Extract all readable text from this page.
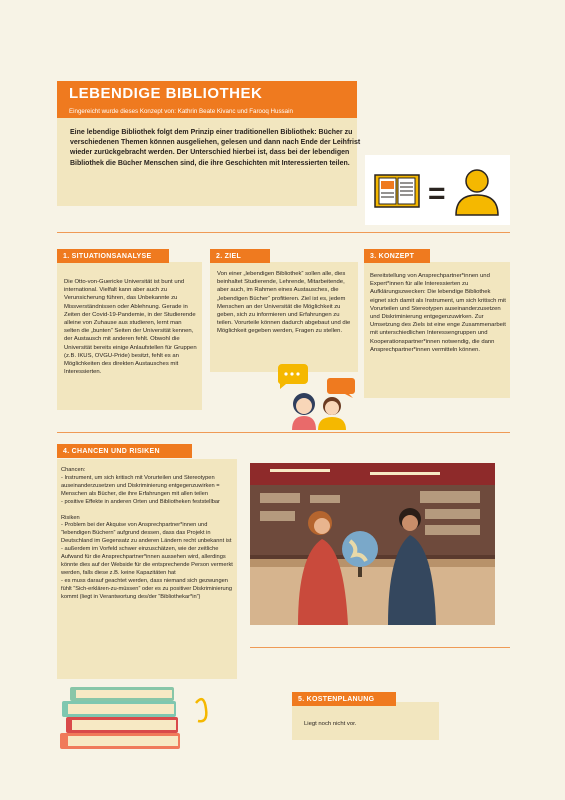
LEBENDIGE BIBLIOTHEK
Eingereicht wurde dieses Konzept von: Kathrin Beate Kivanc und Farooq Hussain
Eine lebendige Bibliothek folgt dem Prinzip einer traditionellen Bibliothek: Bücher zu verschiedenen Themen können ausgeliehen, gelesen und dann nach Ende der Leihfrist wieder zurückgebracht werden. Der Unterschied hierbei ist, dass bei der lebendigen Bibliothek die Bücher Menschen sind, die ihre Geschichten mit Interessierten teilen.
=
1. SITUATIONSANALYSE
Die Otto-von-Guericke Universität ist bunt und international. Vielfalt kann aber auch zu Verunsicherung führen, das Unbekannte zu Missverständnissen oder Ablehnung. Gerade in Zeiten der Covid-19-Pandemie, in der Studierende alleine von Zuhause aus studieren, lernt man selten die „bunten“ Seiten der Universität kennen, der Austausch mit anderen fehlt. Obwohl die Universität bereits einige Anlaufstellen für Gruppen (z.B. IKUS, OVGU-Pride) besitzt, fehlt es an Möglichkeiten des direkten Austausches mit Interessierten.
2. ZIEL
Von einer „lebendigen Bibliothek“ sollen alle, dies beinhaltet Studierende, Lehrende, Mitarbeitende, aber auch, im Rahmen eines Austausches, die „lebendigen Bücher“ profitieren. Ziel ist es, jedem Menschen an der Universität die Möglichkeit zu geben, sich zu informieren und Erfahrungen zu teilen. Vorurteile können dadurch abgebaut und die Möglichkeit gegeben werden, Fragen zu stellen.
3. KONZEPT
Bereitstellung von Ansprechpartner*innen und Expert*innen für alle Interessierten zu Aufklärungszwecken: Die lebendige Bibliothek eignet sich damit als Instrument, um sich kritisch mit Vorurteilen und Stereotypen auseinanderzusetzen und Diskriminierung entgegenzuwirken. Zur Umsetzung des Ziels ist eine enge Zusammenarbeit mit unterschiedlichen Interessengruppen und Kooperationspartner*innen notwendig, die dann Ansprechpartner*innen vermitteln können.
4. CHANCEN UND RISIKEN
Chancen:
- Instrument, um sich kritisch mit Vorurteilen und Stereotypen auseinanderzusetzen und Diskriminierung entgegenzuwirken = Menschen als Bücher, die ihre Erfahrungen mit allen teilen
- positive Effekte in anderen Orten und Bibliotheken feststellbar
Risiken
- Problem bei der Akquise von Ansprechpartner*innen und “lebendigen Büchern” aufgrund dessen, dass das Projekt in Deutschland im Gegensatz zu anderen Ländern recht unbekannt ist
- außerdem im Vorfeld schwer einzuschätzen, wie der zeitliche Aufwand für die Ansprechpartner*innen aussehen wird, allerdings könnte dies auf der Webside für die entsprechende Person vermerkt werden, falls diese z.B. keine Kapazitäten hat
- es muss darauf geachtet werden, dass niemand sich gezwungen fühlt “Sich-erklären-zu-müssen” oder es zu positiver Diskriminierung kommt (liegt in Verantwortung des/der “Bibliothekar*in”)
5. KOSTENPLANUNG
Liegt noch nicht vor.
